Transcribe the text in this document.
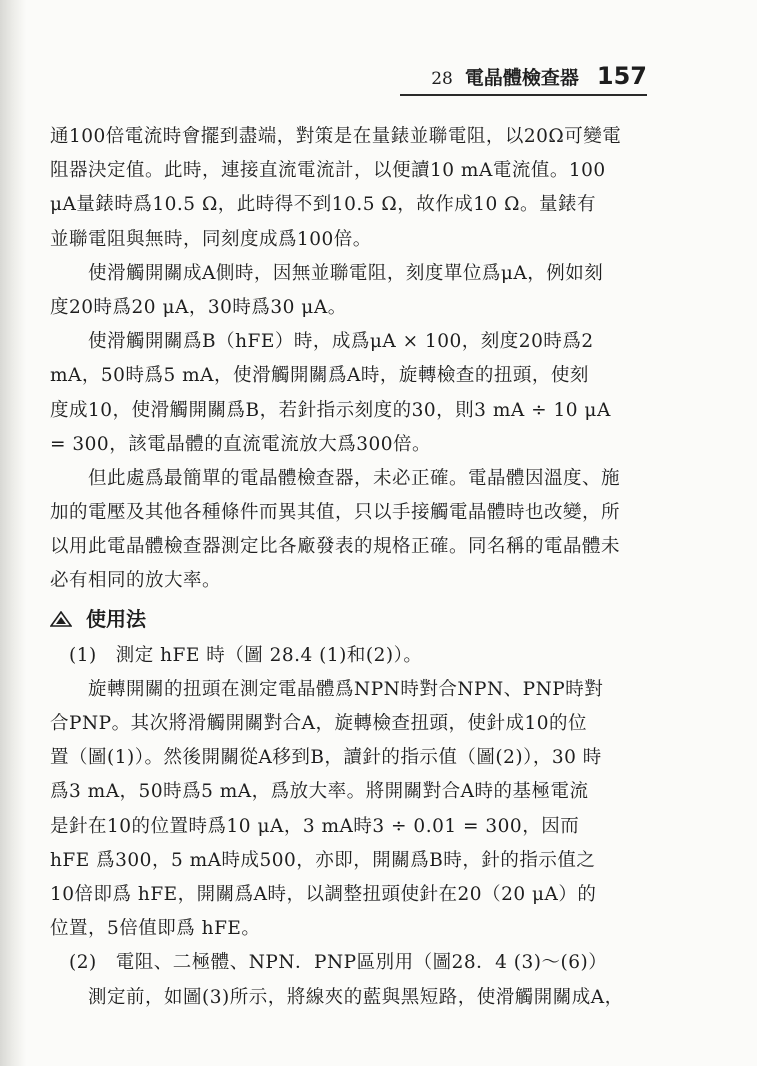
28 電晶體檢查器 157
通100倍電流時會擺到盡端，對策是在量錶並聯電阻，以20Ω可變電
阻器決定值。此時，連接直流電流計，以便讀10 mA電流值。100
μA量錶時爲10.5 Ω，此時得不到10.5 Ω，故作成10 Ω。量錶有
並聯電阻與無時，同刻度成爲100倍。
　　使滑觸開關成A側時，因無並聯電阻，刻度單位爲μA，例如刻
度20時爲20 μA，30時爲30 μA。
　　使滑觸開關爲B（hFE）時，成爲μA × 100，刻度20時爲2
mA，50時爲5 mA，使滑觸開關爲A時，旋轉檢查的扭頭，使刻
度成10，使滑觸開關爲B，若針指示刻度的30，則3 mA ÷ 10 μA
= 300，該電晶體的直流電流放大爲300倍。
　　但此處爲最簡單的電晶體檢查器，未必正確。電晶體因溫度、施
加的電壓及其他各種條件而異其值，只以手接觸電晶體時也改變，所
以用此電晶體檢查器測定比各廠發表的規格正確。同名稱的電晶體未
必有相同的放大率。
使用法
　(1)　測定 hFE 時（圖 28.4 (1)和(2)）。
　　旋轉開關的扭頭在測定電晶體爲NPN時對合NPN、PNP時對
合PNP。其次將滑觸開關對合A，旋轉檢查扭頭，使針成10的位
置（圖(1)）。然後開關從A移到B，讀針的指示值（圖(2)），30 時
爲3 mA，50時爲5 mA，爲放大率。將開關對合A時的基極電流
是針在10的位置時爲10 μA，3 mA時3 ÷ 0.01 = 300，因而
hFE 爲300，5 mA時成500，亦即，開關爲B時，針的指示值之
10倍即爲 hFE，開關爲A時，以調整扭頭使針在20（20 μA）的
位置，5倍值即爲 hFE。
　(2)　電阻、二極體、NPN．PNP區別用（圖28．4 (3)～(6)）
　　測定前，如圖(3)所示，將線夾的藍與黑短路，使滑觸開關成A，
